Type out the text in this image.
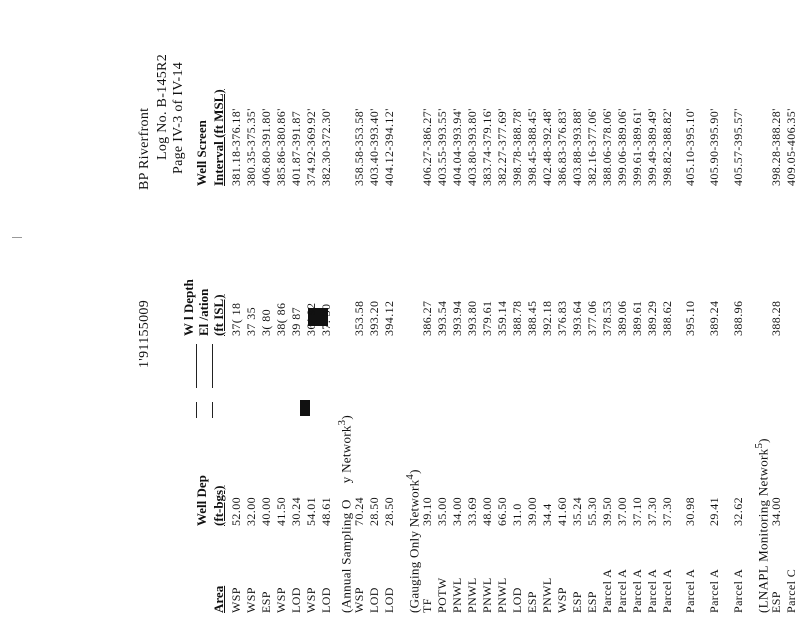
1'91155009
BP Riverfront Log No. B-145R2 Page IV-3 of IV-14
Area
Well Dep (ft-bgs)
W l Depth El /ation (ft ISL)
Well Screen Interval (ft MSL)
WSP
52.00
37( 18
381.18-376.18'
WSP
32.00
37 35
380.35-375.35'
ESP
40.00
3( 80
406.80-391.80'
WSP
41.50
38( 86
385.86-380.86'
LOD
30.24
39 87
401.87-391.87
WSP
54.01
36( 92
374.92-369.92'
LOD
48.61
37. 30
382.30-372.30'
(Annual Sampling Oy Network$^3$)
WSP
70.24
353.58
358.58-353.58'
LOD
28.50
393.20
403.40-393.40'
LOD
28.50
394.12
404.12-394.12'
(Gauging Only Network$^4$)
TF
39.10
386.27
406.27-386.27'
POTW
35.00
393.54
403.55-393.55'
PNWL
34.00
393.94
404.04-393.94'
PNWL
33.69
393.80
403.80-393.80'
PNWL
48.00
379.61
383.74-379.16'
PNWL
66.50
359.14
382.27-377.69'
LOD
31.0
388.78
398.78-388.78'
ESP
39.00
388.45
398.45-388.45'
PNWL
34.4
392.18
402.48-392.48'
WSP
41.60
376.83
386.83-376.83'
ESP
35.24
393.64
403.88-393.88'
ESP
55.30
377.06
382.16-377.06'
Parcel A
39.50
378.53
388.06-378.06'
Parcel A
37.00
389.06
399.06-389.06'
Parcel A
37.10
389.61
399.61-389.61'
Parcel A
37.30
389.29
399.49-389.49'
Parcel A
37.30
388.62
398.82-388.82'
Parcel A
30.98
395.10
405.10-395.10'
Parcel A
29.41
389.24
405.90-395.90'
Parcel A
32.62
388.96
405.57-395.57'
(LNAPL Monitoring Network$^5$)
ESP
34.00
388.28
398.28-388.28'
Parcel C
409.05-406.35'
